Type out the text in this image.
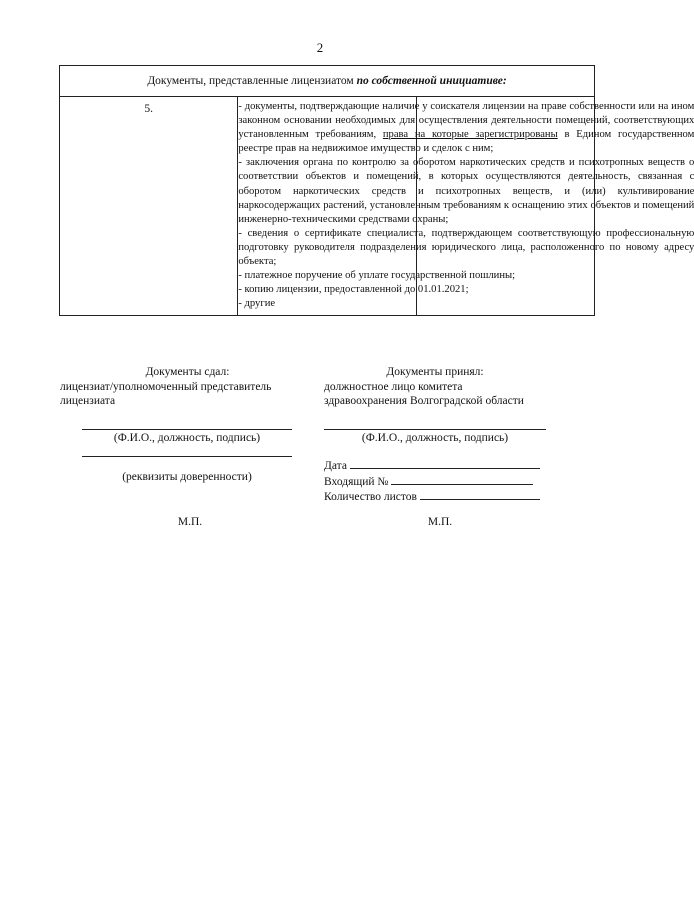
2
Документы, представленные лицензиатом по собственной инициативе:
5.	- документы, подтверждающие наличие у соискателя лицензии на праве собственности или на ином законном основании необходимых для осуществления деятельности помещений, соответствующих установленным требованиям, права на которые зарегистрированы в Едином государственном реестре прав на недвижимое имущество и сделок с ним;

- заключения органа по контролю за оборотом наркотических средств и психотропных веществ о соответствии объектов и помещений, в которых осуществляются деятельность, связанная с оборотом наркотических средств и психотропных веществ, и (или) культивирование наркосодержащих растений, установленным требованиям к оснащению этих объектов и помещений инженерно-техническими средствами охраны;

- сведения о сертификате специалиста, подтверждающем соответствующую профессиональную подготовку руководителя подразделения юридического лица, расположенного по новому адресу объекта;

- платежное поручение об уплате государственной пошлины;

- копию лицензии, предоставленной до 01.01.2021;

- другие

Документы сдал:
лицензиат/уполномоченный представитель
лицензиата
(Ф.И.О., должность, подпись)
(реквизиты доверенности)
М.П.
Документы принял:
должностное лицо комитета
здравоохранения Волгоградской области
(Ф.И.О., должность, подпись)
Дата
Входящий №
Количество листов
М.П.
